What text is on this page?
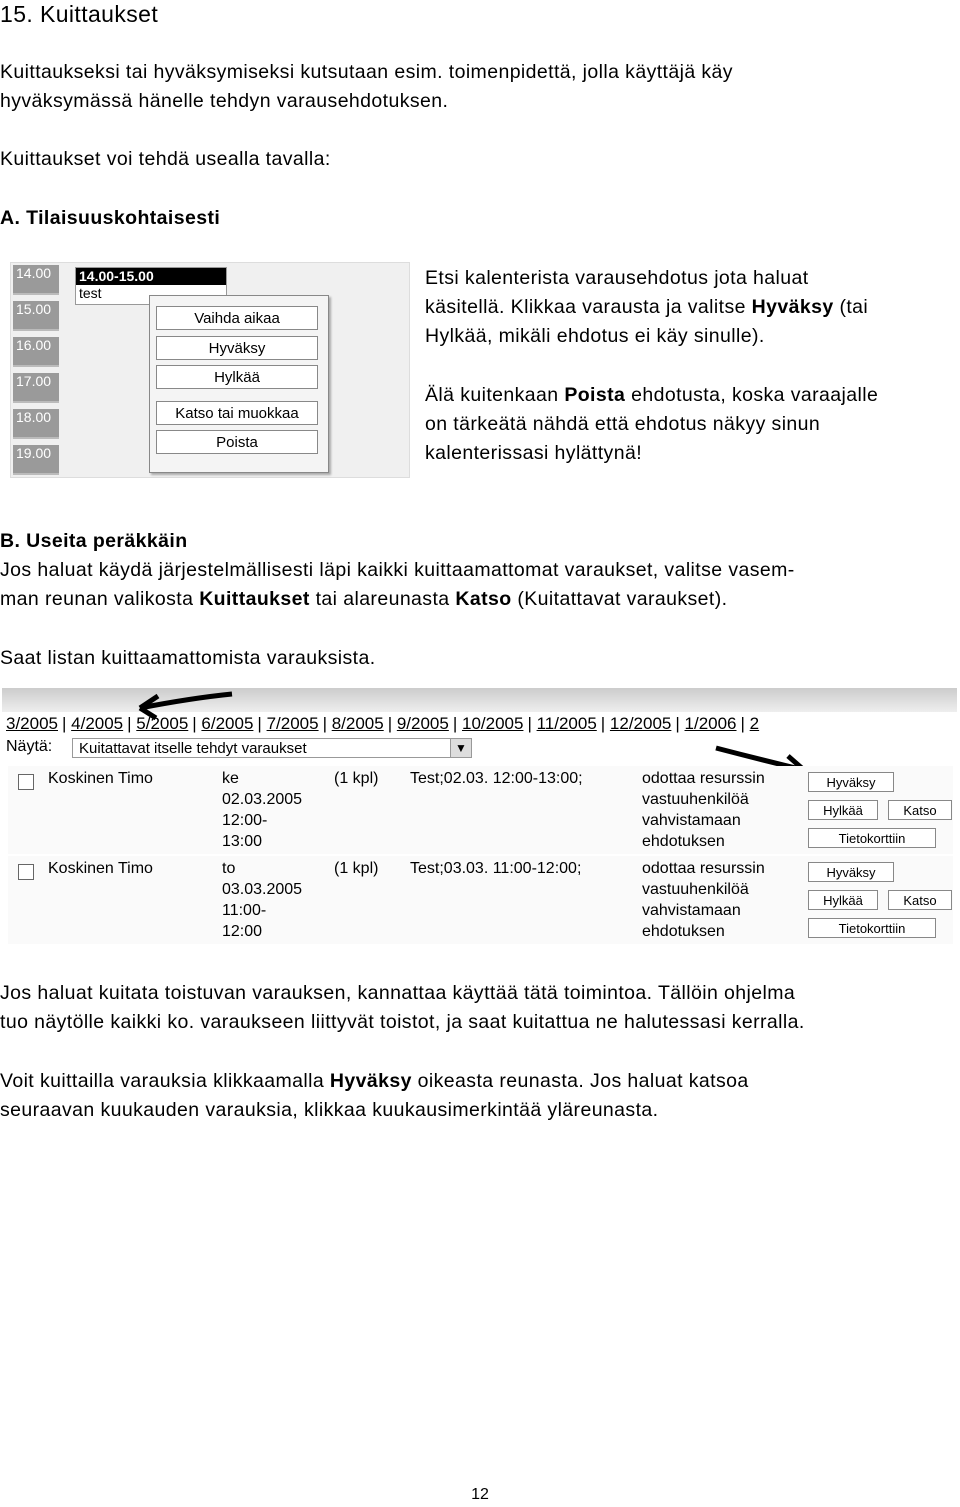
15. Kuittaukset
Kuittaukseksi tai hyväksymiseksi kutsutaan esim. toimenpidettä, jolla käyttäjä käy
hyväksymässä hänelle tehdyn varausehdotuksen.
Kuittaukset voi tehdä usealla tavalla:
A. Tilaisuuskohtaisesti
14.00
15.00
16.00
17.00
18.00
19.00
14.00-15.00
test
Vaihda aikaa
Hyväksy
Hylkää
Katso tai muokkaa
Poista
Etsi kalenterista varausehdotus jota haluat
käsitellä. Klikkaa varausta ja valitse Hyväksy (tai
Hylkää, mikäli ehdotus ei käy sinulle).
Älä kuitenkaan Poista ehdotusta, koska varaajalle
on tärkeätä nähdä että ehdotus näkyy sinun
kalenterissasi hylättynä!
B. Useita peräkkäin
Jos haluat käydä järjestelmällisesti läpi kaikki kuittaamattomat varaukset, valitse vasem-
man reunan valikosta Kuittaukset tai alareunasta Katso (Kuitattavat varaukset).
Saat listan kuittaamattomista varauksista.
3/2005 | 4/2005 | 5/2005 | 6/2005 | 7/2005 | 8/2005 | 9/2005 | 10/2005 | 11/2005 | 12/2005 | 1/2006 | 2
Näytä:	Kuitattavat itselle tehdyt varaukset	▼
Koskinen Timo	ke
02.03.2005
12:00-
13:00
(1 kpl) Test;02.03. 12:00-13:00;	odottaa resurssin
vastuuhenkilöä
vahvistamaan
ehdotuksen
Hyväksy
Hylkää	Katso
Tietokorttiin
Koskinen Timo	to
03.03.2005
11:00-
12:00
(1 kpl) Test;03.03. 11:00-12:00;	odottaa resurssin
vastuuhenkilöä
vahvistamaan
ehdotuksen
Hyväksy
Hylkää	Katso
Tietokorttiin
Jos haluat kuitata toistuvan varauksen, kannattaa käyttää tätä toimintoa. Tällöin ohjelma
tuo näytölle kaikki ko. varaukseen liittyvät toistot, ja saat kuitattua ne halutessasi kerralla.
Voit kuittailla varauksia klikkaamalla Hyväksy oikeasta reunasta. Jos haluat katsoa
seuraavan kuukauden varauksia, klikkaa kuukausimerkintää yläreunasta.
12
